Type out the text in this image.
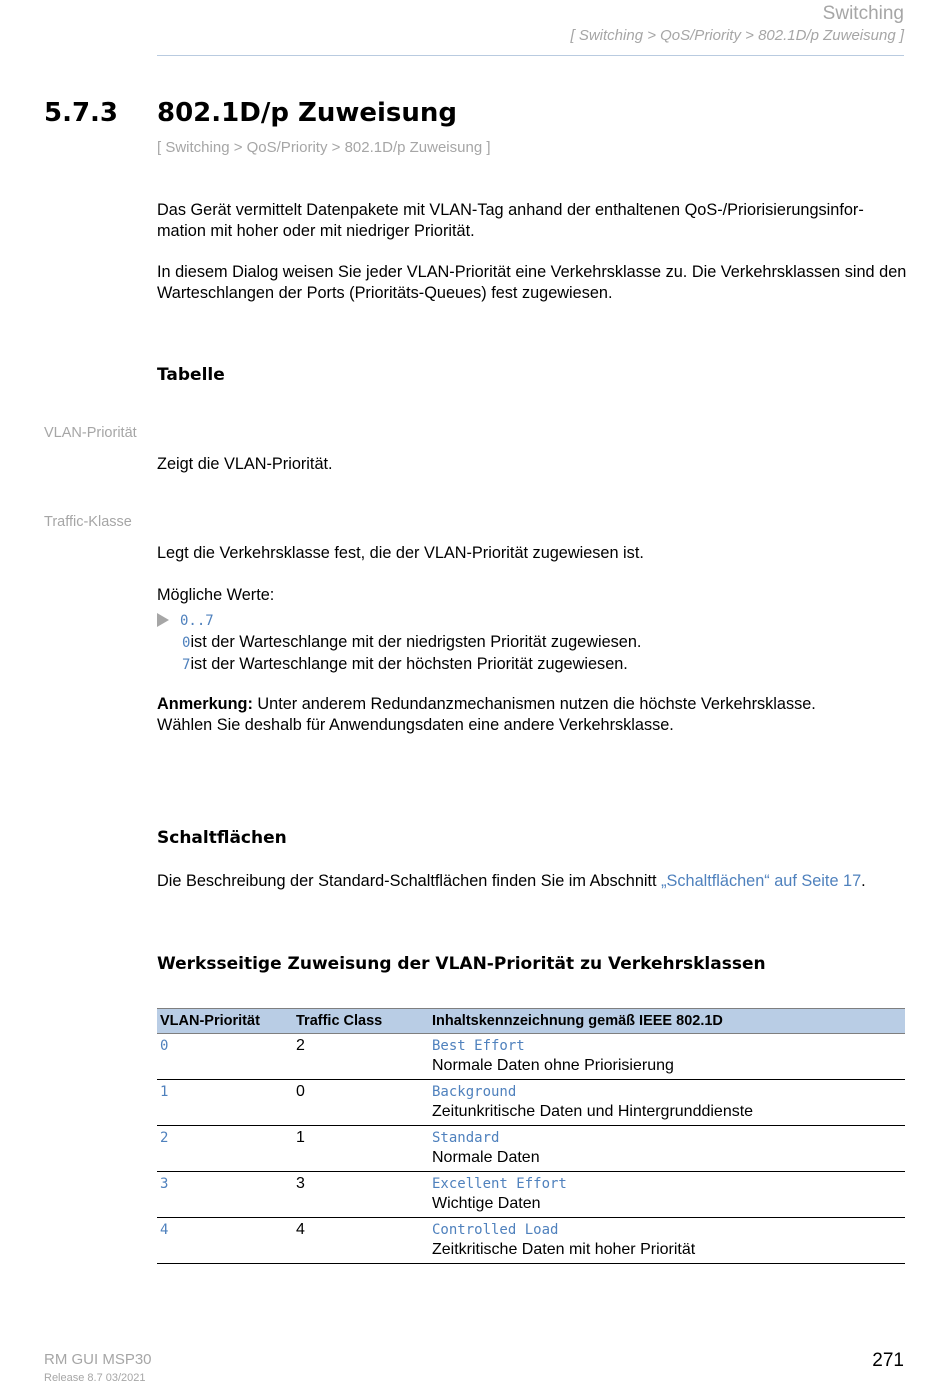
Switching
[ Switching > QoS/Priority > 802.1D/p Zuweisung ]
5.7.3 802.1D/p Zuweisung
[ Switching > QoS/Priority > 802.1D/p Zuweisung ]
Das Gerät vermittelt Datenpakete mit VLAN-Tag anhand der enthaltenen QoS-/Priorisierungsinfor-mation mit hoher oder mit niedriger Priorität.
In diesem Dialog weisen Sie jeder VLAN-Priorität eine Verkehrsklasse zu. Die Verkehrsklassen sind den Warteschlangen der Ports (Prioritäts-Queues) fest zugewiesen.
Tabelle
VLAN-Priorität
Zeigt die VLAN-Priorität.
Traffic-Klasse
Legt die Verkehrsklasse fest, die der VLAN-Priorität zugewiesen ist.
Mögliche Werte:
0..7
0ist der Warteschlange mit der niedrigsten Priorität zugewiesen.
7ist der Warteschlange mit der höchsten Priorität zugewiesen.
Anmerkung: Unter anderem Redundanzmechanismen nutzen die höchste Verkehrsklasse.
Wählen Sie deshalb für Anwendungsdaten eine andere Verkehrsklasse.
Schaltflächen
Die Beschreibung der Standard-Schaltflächen finden Sie im Abschnitt „Schaltflächen“ auf Seite 17.
Werksseitige Zuweisung der VLAN-Priorität zu Verkehrsklassen
VLAN-Priorität	Traffic Class	Inhaltskennzeichnung gemäß IEEE 802.1D
0	2	Best Effort
Normale Daten ohne Priorisierung

1	0	Background
Zeitunkritische Daten und Hintergrunddienste

2	1	Standard
Normale Daten

3	3	Excellent Effort
Wichtige Daten

4	4	Controlled Load
Zeitkritische Daten mit hoher Priorität
RM GUI MSP30
Release 8.7 03/2021
271
